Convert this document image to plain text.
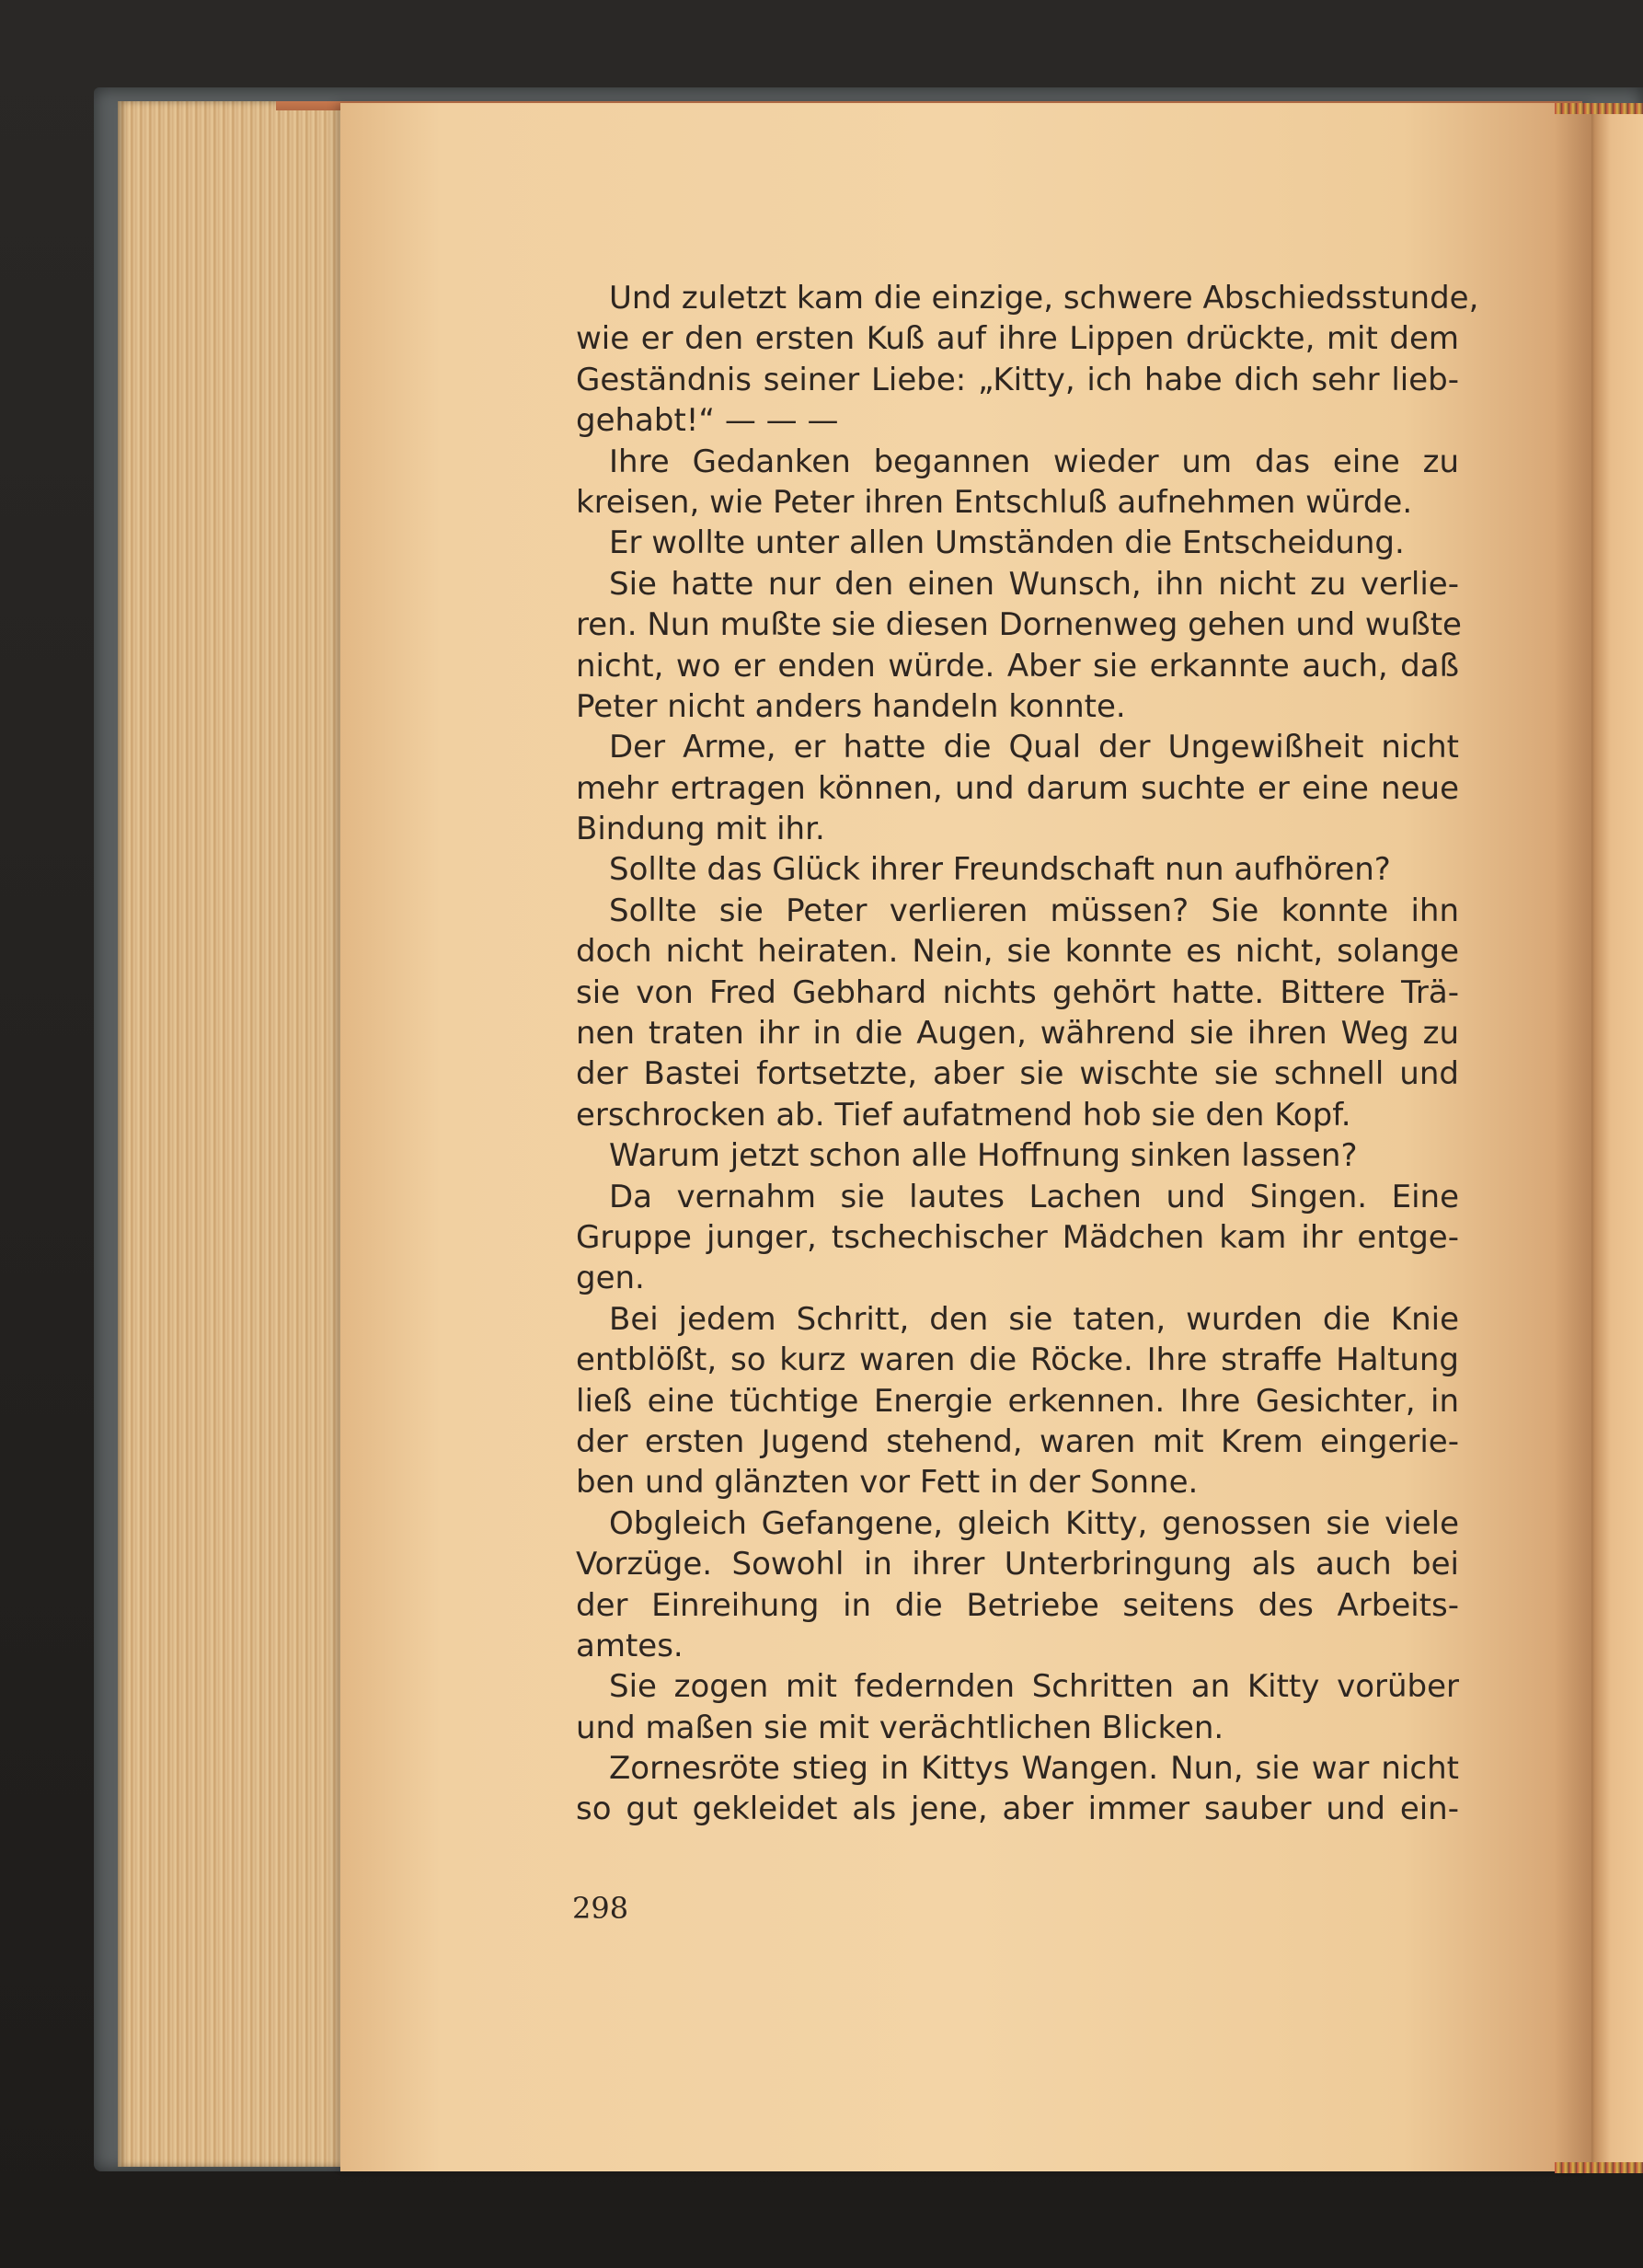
Und zuletzt kam die einzige, schwere Abschiedsstunde,
wie er den ersten Kuß auf ihre Lippen drückte, mit dem
Geständnis seiner Liebe: „Kitty, ich habe dich sehr lieb-
gehabt!“ — — —
Ihre Gedanken begannen wieder um das eine zu
kreisen, wie Peter ihren Entschluß aufnehmen würde.
Er wollte unter allen Umständen die Entscheidung.
Sie hatte nur den einen Wunsch, ihn nicht zu verlie-
ren. Nun mußte sie diesen Dornenweg gehen und wußte
nicht, wo er enden würde. Aber sie erkannte auch, daß
Peter nicht anders handeln konnte.
Der Arme, er hatte die Qual der Ungewißheit nicht
mehr ertragen können, und darum suchte er eine neue
Bindung mit ihr.
Sollte das Glück ihrer Freundschaft nun aufhören?
Sollte sie Peter verlieren müssen? Sie konnte ihn
doch nicht heiraten. Nein, sie konnte es nicht, solange
sie von Fred Gebhard nichts gehört hatte. Bittere Trä-
nen traten ihr in die Augen, während sie ihren Weg zu
der Bastei fortsetzte, aber sie wischte sie schnell und
erschrocken ab. Tief aufatmend hob sie den Kopf.
Warum jetzt schon alle Hoffnung sinken lassen?
Da vernahm sie lautes Lachen und Singen. Eine
Gruppe junger, tschechischer Mädchen kam ihr entge-
gen.
Bei jedem Schritt, den sie taten, wurden die Knie
entblößt, so kurz waren die Röcke. Ihre straffe Haltung
ließ eine tüchtige Energie erkennen. Ihre Gesichter, in
der ersten Jugend stehend, waren mit Krem eingerie-
ben und glänzten vor Fett in der Sonne.
Obgleich Gefangene, gleich Kitty, genossen sie viele
Vorzüge. Sowohl in ihrer Unterbringung als auch bei
der Einreihung in die Betriebe seitens des Arbeits-
amtes.
Sie zogen mit federnden Schritten an Kitty vorüber
und maßen sie mit verächtlichen Blicken.
Zornesröte stieg in Kittys Wangen. Nun, sie war nicht
so gut gekleidet als jene, aber immer sauber und ein-
298
